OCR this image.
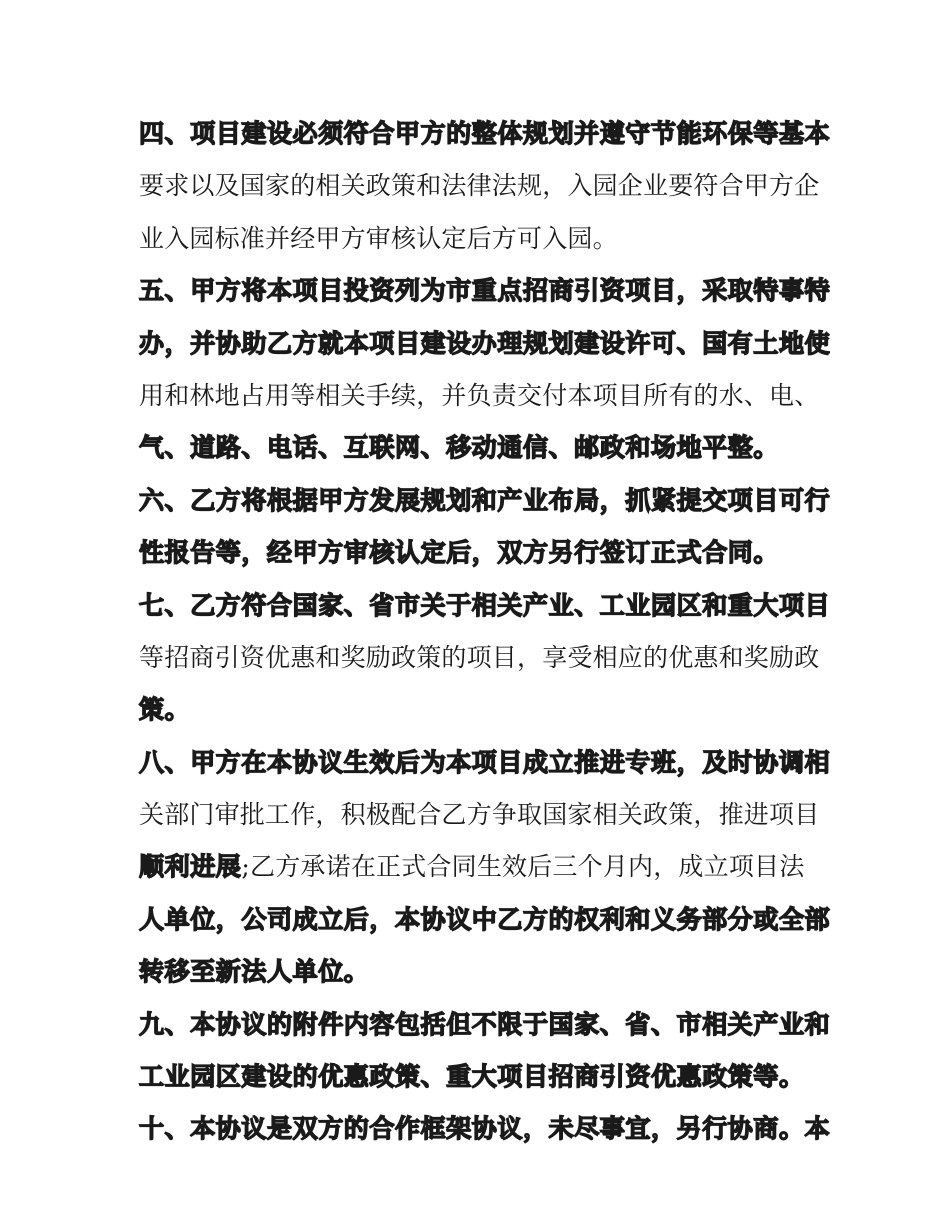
四、项目建设必须符合甲方的整体规划并遵守节能环保等基本
要求以及国家的相关政策和法律法规，入园企业要符合甲方企
业入园标准并经甲方审核认定后方可入园。
五、甲方将本项目投资列为市重点招商引资项目，采取特事特
办，并协助乙方就本项目建设办理规划建设许可、国有土地使
用和林地占用等相关手续，并负责交付本项目所有的水、电、
气、道路、电话、互联网、移动通信、邮政和场地平整。
六、乙方将根据甲方发展规划和产业布局，抓紧提交项目可行
性报告等，经甲方审核认定后，双方另行签订正式合同。
七、乙方符合国家、省市关于相关产业、工业园区和重大项目
等招商引资优惠和奖励政策的项目，享受相应的优惠和奖励政
策。
八、甲方在本协议生效后为本项目成立推进专班，及时协调相
关部门审批工作，积极配合乙方争取国家相关政策，推进项目
顺利进展;乙方承诺在正式合同生效后三个月内，成立项目法
人单位，公司成立后，本协议中乙方的权利和义务部分或全部
转移至新法人单位。
九、本协议的附件内容包括但不限于国家、省、市相关产业和
工业园区建设的优惠政策、重大项目招商引资优惠政策等。
十、本协议是双方的合作框架协议，未尽事宜，另行协商。本
